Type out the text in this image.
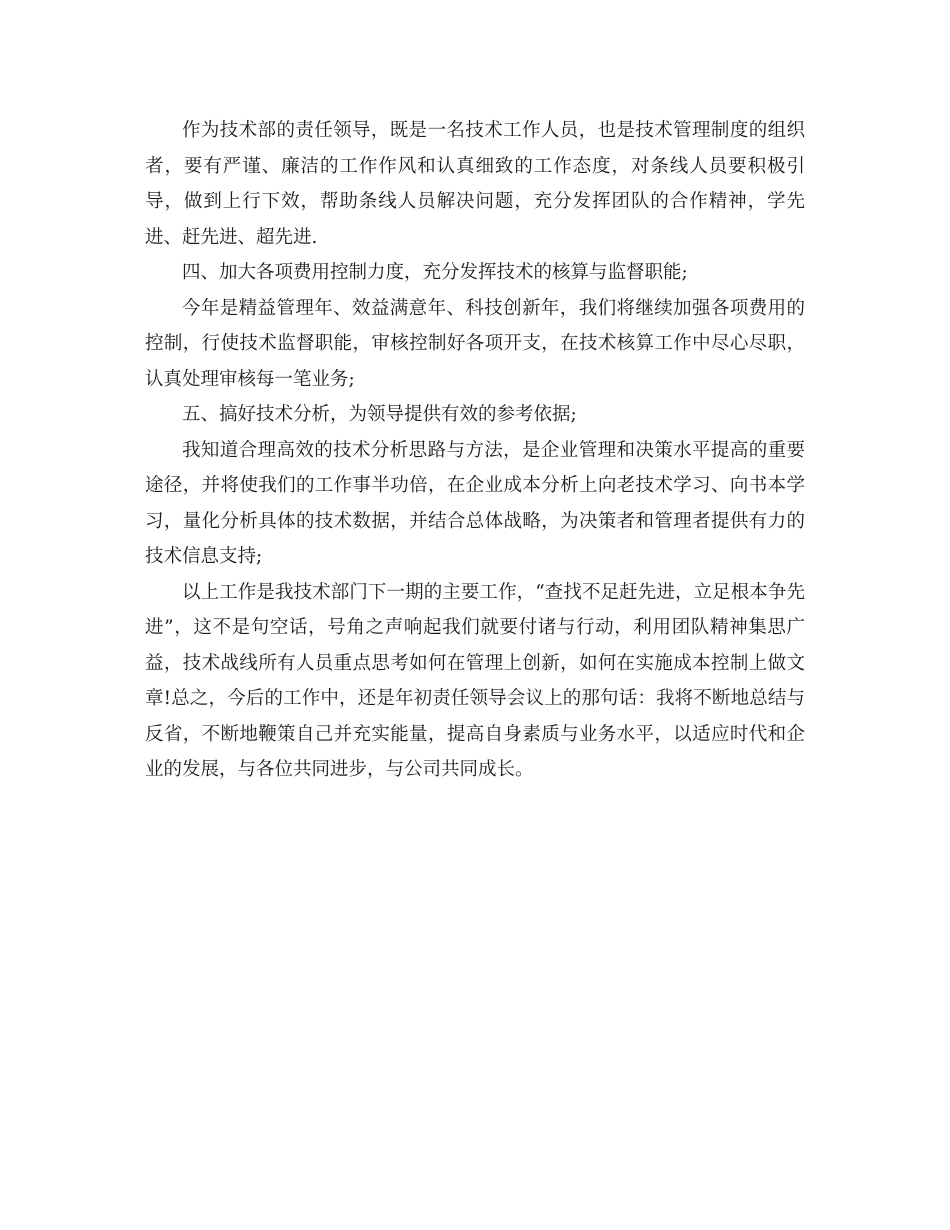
作为技术部的责任领导，既是一名技术工作人员，也是技术管理制度的组织者，要有严谨、廉洁的工作作风和认真细致的工作态度，对条线人员要积极引导，做到上行下效，帮助条线人员解决问题，充分发挥团队的合作精神，学先进、赶先进、超先进.

四、加大各项费用控制力度，充分发挥技术的核算与监督职能;

今年是精益管理年、效益满意年、科技创新年，我们将继续加强各项费用的控制，行使技术监督职能，审核控制好各项开支，在技术核算工作中尽心尽职，认真处理审核每一笔业务;

五、搞好技术分析，为领导提供有效的参考依据;

我知道合理高效的技术分析思路与方法，是企业管理和决策水平提高的重要途径，并将使我们的工作事半功倍，在企业成本分析上向老技术学习、向书本学习，量化分析具体的技术数据，并结合总体战略，为决策者和管理者提供有力的技术信息支持;

以上工作是我技术部门下一期的主要工作，“查找不足赶先进，立足根本争先进”，这不是句空话，号角之声响起我们就要付诸与行动，利用团队精神集思广益，技术战线所有人员重点思考如何在管理上创新，如何在实施成本控制上做文章!总之，今后的工作中，还是年初责任领导会议上的那句话：我将不断地总结与反省，不断地鞭策自己并充实能量，提高自身素质与业务水平，以适应时代和企业的发展，与各位共同进步，与公司共同成长。
